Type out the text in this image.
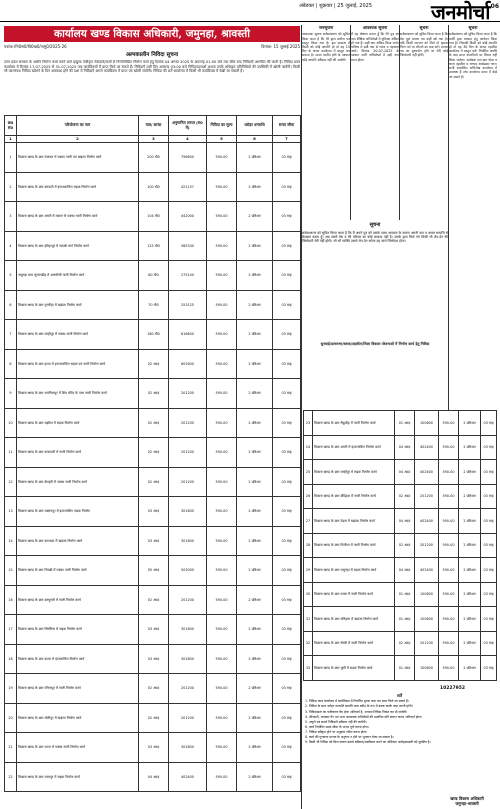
अंबेडकर | शुक्रवार | 25 जुलाई, 2025	जनमोर्चा 06
कार्यालय खण्ड विकास अधिकारी, जमुनहा, श्रावस्ती
पत्रांक-/नि0स0/वि0ख0/जमु0/2025-26	दिनांक- 15 जुलाई 2025
अल्पकालीन निविदा सूचना
उत्तर प्रदेश सरकार के अधीन निर्माण कार्य करने वाले इच्छुक पंजीकृत ठेकेदारों/फर्मों से निम्नलिखित निर्माण कार्य हेतु दिनांक 04 अगस्त 2025 के अपरान्ह 01:00 बजे तक सील बन्द निविदाएँ आमंत्रित की जाती हैं। निविदा प्रपत्र कार्यालय में दिनांक 17-07-2025 से 31-07-2025 तक कार्यदिवसों में प्राप्त किये जा सकते हैं। निविदाएँ उसी दिन अपरान्ह 03:00 बजे निविदादाताओं अथवा उनके अधिकृत प्रतिनिधियों की उपस्थिति में खोली जायेंगी। किसी भी कारणवश निविदा खोलने के दिन अवकाश होने की दशा में निविदाएँ अगले कार्यदिवस में प्राप्त एवं खोली जायेंगी। निविदा की शर्तें कार्यालय में किसी भी कार्यदिवस में देखी जा सकती हैं।
क्र0 सं0	परियोजना का नाम	मात्र/ सारंश	अनुमानित लागत (रु0 में)	निविदा का मूल्य	धरोहर धनराशि	समय सीमा
1	2	3	4	5	6	7
1	विकास खण्ड के ग्राम पंचायत में पक्का नाली एवं खड़ंजा निर्माण कार्य	200 मी0	796600	590-00	2 प्रतिशत	03 माह
2	विकास खण्ड के ग्राम बनकटी में इण्टरलाकिंग सड़क निर्माण कार्य	100 मी0	421157	590-00	2 प्रतिशत	03 माह
3	विकास खण्ड के ग्राम अमरी में मकान से पक्का नाली निर्माण कार्य	104 मी0	442000	590-00	2 प्रतिशत	03 माह
4	विकास खण्ड के ग्राम हरिहरपुर में सम्पर्क मार्ग निर्माण कार्य	125 मी0	585330	590-00	2 प्रतिशत	03 माह
5	जमुनहा ग्राम सुजानडीह में आरसीसी नाली निर्माण कार्य	80 मी0	275140	590-00	2 प्रतिशत	03 माह
6	विकास खण्ड के ग्राम गुलरीहा में खड़ंजा निर्माण कार्य	70 मी0	253125	590-00	2 प्रतिशत	03 माह
7	विकास खण्ड के ग्राम मल्हीपुर में पक्का नाली निर्माण कार्य	180 मी0	816600	590-00	2 प्रतिशत	03 माह
8	विकास खण्ड के ग्राम इटवा में इण्टरलाकिंग सड़क एवं नाली निर्माण कार्य	02 अदद	602600	590-00	2 प्रतिशत	03 माह
9	विकास खण्ड के ग्राम भवनियापुर में शिव मंदिर के पास नाली निर्माण कार्य	02 अदद	201200	590-00	2 प्रतिशत	03 माह
10	विकास खण्ड के ग्राम मझौवा में सड़क निर्माण कार्य	02 अदद	201200	590-00	2 प्रतिशत	03 माह
11	विकास खण्ड के ग्राम ककरदरी में नाली निर्माण कार्य	02 अदद	201200	590-00	2 प्रतिशत	03 माह
12	विकास खण्ड के ग्राम बेलहरी में पक्का नाली निर्माण कार्य	02 अदद	201200	590-00	2 प्रतिशत	03 माह
13	विकास खण्ड के ग्राम लक्ष्मनपुर में इंटरलाकिंग सड़क निर्माण	03 अदद	301800	590-00	2 प्रतिशत	03 माह
14	विकास खण्ड के ग्राम बरगदवा में खड़ंजा निर्माण कार्य	03 अदद	301800	590-00	2 प्रतिशत	03 माह
15	विकास खण्ड के ग्राम चिचड़ी में पक्का नाली निर्माण कार्य	05 अदद	503000	590-00	2 प्रतिशत	03 माह
16	विकास खण्ड के ग्राम बनघुसरी में नाली निर्माण कार्य	02 अदद	201200	590-00	2 प्रतिशत	03 माह
17	विकास खण्ड के ग्राम सिरसिया में सड़क निर्माण कार्य	03 अदद	301800	590-00	2 प्रतिशत	03 माह
18	विकास खण्ड के ग्राम कटरा में इंटरलाकिंग निर्माण कार्य	03 अदद	301800	590-00	2 प्रतिशत	03 माह
19	विकास खण्ड के ग्राम रनियापुर में नाली निर्माण कार्य	02 अदद	201200	590-00	2 प्रतिशत	03 माह
20	विकास खण्ड के ग्राम मोतीपुर में खड़ंजा निर्माण कार्य	02 अदद	201200	590-00	2 प्रतिशत	03 माह
21	विकास खण्ड के ग्राम पटना में पक्का नाली निर्माण कार्य	03 अदद	301800	590-00	2 प्रतिशत	03 माह
22	विकास खण्ड के ग्राम लालपुर में सड़क निर्माण कार्य	04 अदद	402400	590-00	2 प्रतिशत	03 माह
जनसूचना

आवश्यक सूचना सर्वसाधारण को सूचित किया जाता है कि मेरे द्वारा प्रार्थना पत्र प्रस्तुत किया गया है। इस सम्बन्ध में किसी को कोई आपत्ति हो तो वह 15 दिन के अन्दर कार्यालय में प्रस्तुत कर सकता है। समय व्यतीत होने के पश्चात कोई आपत्ति स्वीकार नहीं की जायेगी।

आवश्यक सूचना

मैं यह घोषणा करता हूँ कि मेरे पुत्र का नाम शैक्षिक अभिलेखों में त्रुटिवश अंकित हो गया है। सही नाम अंकित किया जाये। भविष्य में इसी नाम से जाना व पहचाना जाये। दिनांक 20-07-2025 के पश्चात सभी अभिलेखों में सही नाम मान्य होगा।

सूचना

सर्वसाधारण को सूचित किया जाता है कि मेरा मूल प्रमाण पत्र कहीं खो गया है। यदि किसी सज्जन को मिले तो कृपया निम्न पते पर लौटाने का कष्ट करें। प्रमाण पत्र का दुरुपयोग होने पर मेरी कोई जिम्मेदारी नहीं होगी।

सूचना

सर्वसाधारण को सूचित किया जाता है कि प्रार्थी द्वारा वरासत हेतु आवेदन किया गया है। जिसकी किसी को कोई आपत्ति हो तो वह 30 दिन के अन्दर तहसील कार्यालय में प्रस्तुत करें। निर्धारित अवधि के बाद प्राप्त आपत्तियों पर विचार नहीं किया जायेगा। आवेदक पता ग्राम पोस्ट व थाना तहसील व जनपद अम्बेडकर नगर। सभी सम्बन्धित अभिलेख कार्यालय में उपलब्ध हैं तथा कार्यालय समय में देखे जा सकते हैं।

सूचना

सर्वसाधारण को सूचित किया जाता है कि मैं अपने पुत्र को उसके गलत आचरण के कारण अपनी चल व अचल सम्पत्ति से बेदखल करता हूँ। अब उससे मेरा व मेरे परिवार का कोई सम्बन्ध नहीं है। उसके द्वारा किये गये किसी भी लेन-देन की जिम्मेदारी मेरी नहीं होगी। जो भी व्यक्ति उससे लेन-देन करेगा वह स्वयं जिम्मेदार होगा।

सुनवाई/ग्रामसभा/ब्लाक/तहसील/जिला विकास योजनाओं में निर्माण कार्य हेतु निविदा
23	विकास खण्ड के ग्राम मैकूडीह में नाली निर्माण कार्य	01 अदद	100600	590-00	2 प्रतिशत	03 माह
24	विकास खण्ड के ग्राम अमरी में इंटरलाकिंग निर्माण कार्य	04 अदद	402400	590-00	2 प्रतिशत	03 माह
25	विकास खण्ड के ग्राम मल्हीपुर में सड़क निर्माण कार्य	04 अदद	402400	590-00	2 प्रतिशत	03 माह
26	विकास खण्ड के ग्राम बौड़िहार में नाली निर्माण कार्य	02 अदद	201200	590-00	2 प्रतिशत	03 माह
27	विकास खण्ड के ग्राम टेढ़वा में खड़ंजा निर्माण कार्य	04 अदद	402400	590-00	2 प्रतिशत	03 माह
28	विकास खण्ड के ग्राम गिलौला में नाली निर्माण कार्य	02 अदद	201200	590-00	2 प्रतिशत	03 माह
29	विकास खण्ड के ग्राम जमुनहा में सड़क निर्माण कार्य	04 अदद	402400	590-00	2 प्रतिशत	03 माह
30	विकास खण्ड के ग्राम परसा में नाली निर्माण कार्य	01 अदद	100600	590-00	2 प्रतिशत	03 माह
31	विकास खण्ड के ग्राम मनिहारा में खड़ंजा निर्माण कार्य	01 अदद	100600	590-00	2 प्रतिशत	03 माह
32	विकास खण्ड के ग्राम सेमरी में नाली निर्माण कार्य	02 अदद	201200	590-00	2 प्रतिशत	03 माह
33	विकास खण्ड के ग्राम धूसी में सड़क निर्माण कार्य	01 अदद	100600	590-00	2 प्रतिशत	03 माह
10227952
शर्तें
1. निविदा प्रपत्र कार्यालय में कार्यदिवस में निर्धारित शुल्क जमा कर प्राप्त किये जा सकते हैं।
2. निविदा के साथ धरोहर धनराशि सावधि जमा रसीद के रूप में बंधक करके जमा करनी होगी।
3. निविदादाता का पंजीकरण वैध होना अनिवार्य है, अन्यथा निविदा निरस्त कर दी जायेगी।
4. जीएसटी, आयकर पैन एवं अन्य आवश्यक अभिलेखों की प्रमाणित प्रति संलग्न करना अनिवार्य होगा।
5. अपूर्ण एवं सशर्त निविदाएँ स्वीकार नहीं की जायेंगी।
6. कार्य निर्धारित समय सीमा के अन्दर पूर्ण करना होगा।
7. निविदा स्वीकृत होने पर अनुबन्ध गठित करना होगा।
8. कार्य की गुणवत्ता मानक के अनुरूप न होने पर भुगतान रोका जा सकता है।
9. किसी भी निविदा को बिना कारण बताये स्वीकार/अस्वीकार करने का अधिकार अधोहस्ताक्षरी को सुरक्षित है।
खण्ड विकास अधिकारी
जमुनहा-श्रावस्ती
